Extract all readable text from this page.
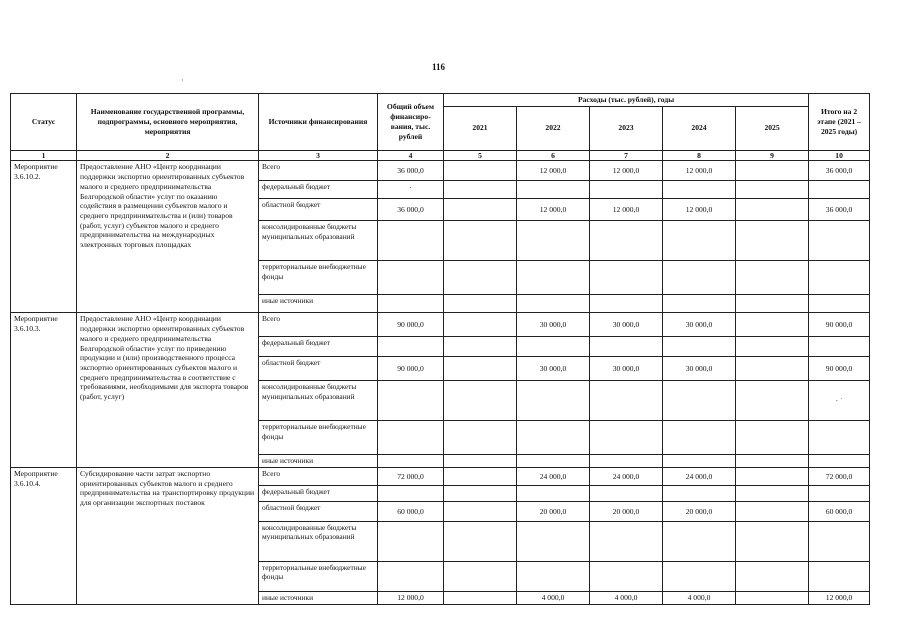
116
·
Статус	Наименование государственной программы, подпрограммы, основного мероприятия, мероприятия	Источники финансирования	Общий объем финансиро-вания, тыс. рублей	Расходы (тыс. рублей), годы					Итого на 2 этапе (2021 – 2025 годы)
				2021	2022	2023	2024	2025	
1	2	3	4	5	6	7	8	9	10
Мероприятие 3.6.10.2.	Предоставление АНО «Центр координации поддержки экспортно ориентированных субъектов малого и среднего предпринимательства Белгородской области» услуг по оказанию содействия в размещении субъектов малого и среднего предпринимательства и (или) товаров (работ, услуг) субъектов малого и среднего предпринимательства на международных электронных торговых площадках	Всего	36 000,0		12 000,0	12 000,0	12 000,0		36 000,0
		федеральный бюджет	`						
		областной бюджет	36 000,0		12 000,0	12 000,0	12 000,0		36 000,0
		консолидированные бюджеты муниципальных образований							
		территориальные внебюджетные фонды							
		иные источники							
Мероприятие 3.6.10.3.	Предоставление АНО «Центр координации поддержки экспортно ориентированных субъектов малого и среднего предпринимательства Белгородской области» услуг по приведению продукции и (или) производственного процесса экспортно ориентированных субъектов малого и среднего предпринимательства в соответствие с требованиями, необходимыми для экспорта товаров (работ, услуг)	Всего	90 000,0		30 000,0	30 000,0	30 000,0		90 000,0
		федеральный бюджет							
		областной бюджет	90 000,0		30 000,0	30 000,0	30 000,0		90 000,0
		консолидированные бюджеты муниципальных образований							· ˙
		территориальные внебюджетные фонды							
		иные источники							
Мероприятие 3.6.10.4.	Субсидирование части затрат экспортно ориентированных субъектов малого и среднего предпринимательства на транспортировку продукции для организации экспортных поставок	Всего	72 000,0		24 000,0	24 000,0	24 000,0		72 000,0
		федеральный бюджет							
		областной бюджет	60 000,0		20 000,0	20 000,0	20 000,0		60 000,0
		консолидированные бюджеты муниципальных образований							
		территориальные внебюджетные фонды							
		иные источники	12 000,0		4 000,0	4 000,0	4 000,0		12 000,0
